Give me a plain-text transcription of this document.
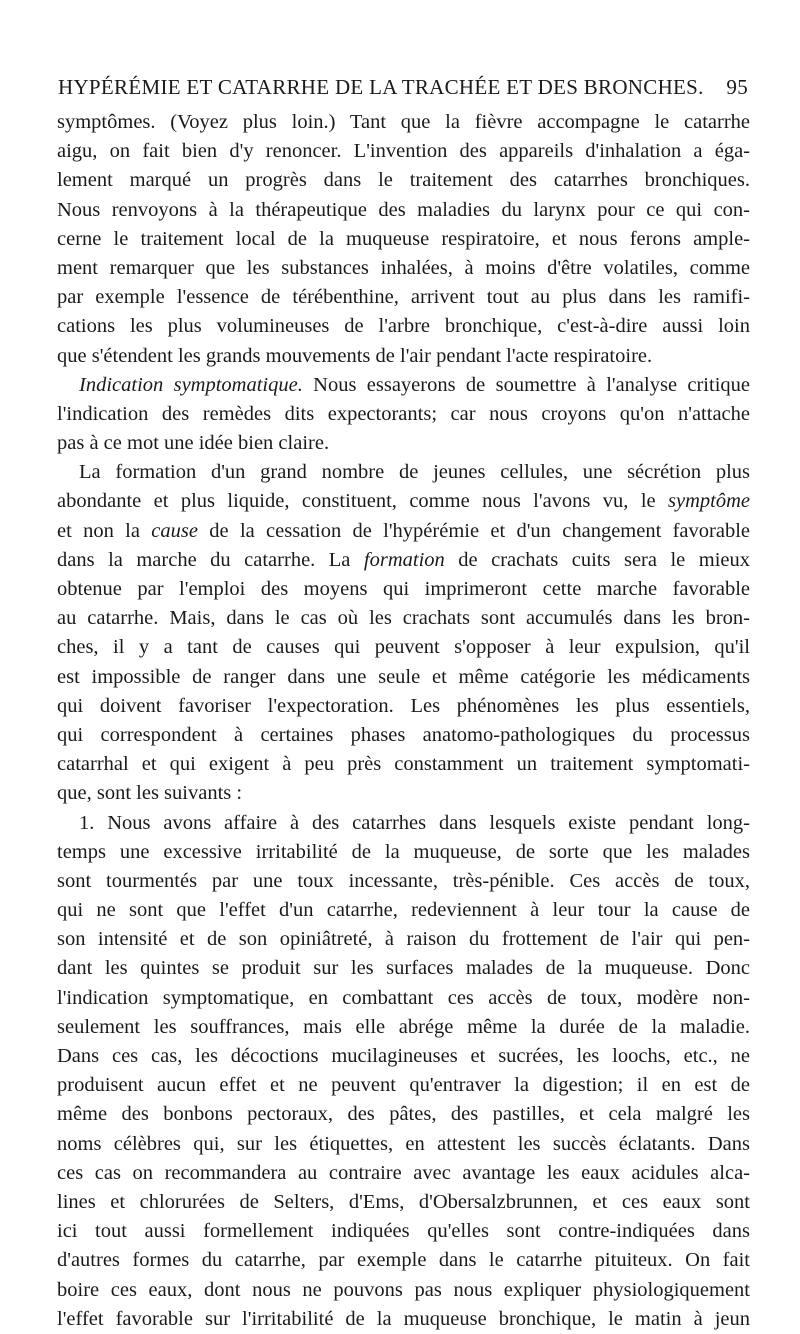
HYPÉRÉMIE ET CATARRHE DE LA TRACHÉE ET DES BRONCHES. 95
symptômes. (Voyez plus loin.) Tant que la fièvre accompagne le catarrhe
aigu, on fait bien d'y renoncer. L'invention des appareils d'inhalation a éga-
lement marqué un progrès dans le traitement des catarrhes bronchiques.
Nous renvoyons à la thérapeutique des maladies du larynx pour ce qui con-
cerne le traitement local de la muqueuse respiratoire, et nous ferons ample-
ment remarquer que les substances inhalées, à moins d'être volatiles, comme
par exemple l'essence de térébenthine, arrivent tout au plus dans les ramifi-
cations les plus volumineuses de l'arbre bronchique, c'est-à-dire aussi loin
que s'étendent les grands mouvements de l'air pendant l'acte respiratoire.
Indication symptomatique. Nous essayerons de soumettre à l'analyse critique
l'indication des remèdes dits expectorants; car nous croyons qu'on n'attache
pas à ce mot une idée bien claire.
La formation d'un grand nombre de jeunes cellules, une sécrétion plus
abondante et plus liquide, constituent, comme nous l'avons vu, le symptôme
et non la cause de la cessation de l'hypérémie et d'un changement favorable
dans la marche du catarrhe. La formation de crachats cuits sera le mieux
obtenue par l'emploi des moyens qui imprimeront cette marche favorable
au catarrhe. Mais, dans le cas où les crachats sont accumulés dans les bron-
ches, il y a tant de causes qui peuvent s'opposer à leur expulsion, qu'il
est impossible de ranger dans une seule et même catégorie les médicaments
qui doivent favoriser l'expectoration. Les phénomènes les plus essentiels,
qui correspondent à certaines phases anatomo-pathologiques du processus
catarrhal et qui exigent à peu près constamment un traitement symptomati-
que, sont les suivants :
1. Nous avons affaire à des catarrhes dans lesquels existe pendant long-
temps une excessive irritabilité de la muqueuse, de sorte que les malades
sont tourmentés par une toux incessante, très-pénible. Ces accès de toux,
qui ne sont que l'effet d'un catarrhe, redeviennent à leur tour la cause de
son intensité et de son opiniâtreté, à raison du frottement de l'air qui pen-
dant les quintes se produit sur les surfaces malades de la muqueuse. Donc
l'indication symptomatique, en combattant ces accès de toux, modère non-
seulement les souffrances, mais elle abrége même la durée de la maladie.
Dans ces cas, les décoctions mucilagineuses et sucrées, les loochs, etc., ne
produisent aucun effet et ne peuvent qu'entraver la digestion; il en est de
même des bonbons pectoraux, des pâtes, des pastilles, et cela malgré les
noms célèbres qui, sur les étiquettes, en attestent les succès éclatants. Dans
ces cas on recommandera au contraire avec avantage les eaux acidules alca-
lines et chlorurées de Selters, d'Ems, d'Obersalzbrunnen, et ces eaux sont
ici tout aussi formellement indiquées qu'elles sont contre-indiquées dans
d'autres formes du catarrhe, par exemple dans le catarrhe pituiteux. On fait
boire ces eaux, dont nous ne pouvons pas nous expliquer physiologiquement
l'effet favorable sur l'irritabilité de la muqueuse bronchique, le matin à jeun
